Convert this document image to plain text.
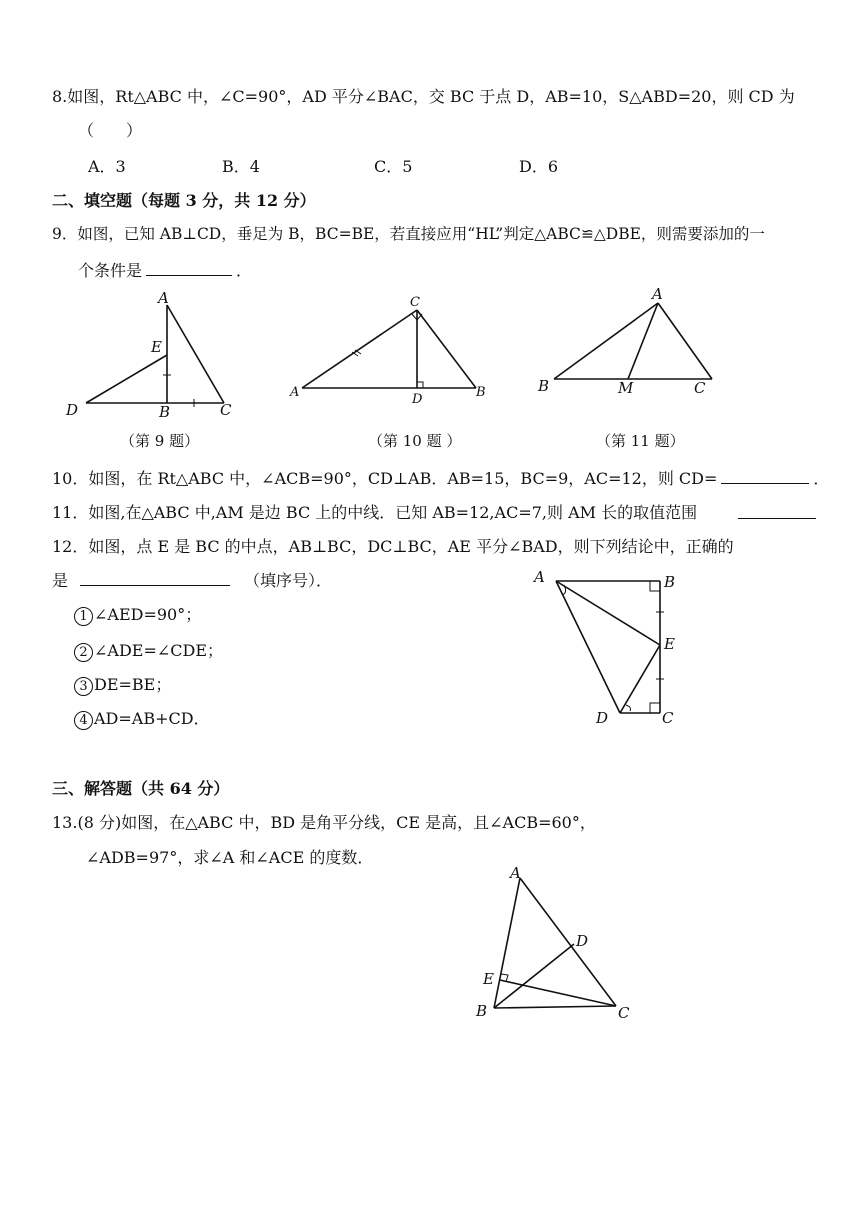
8.如图，Rt△ABC 中，∠C=90°，AD 平分∠BAC，交 BC 于点 D，AB=10，S△ABD=20，则 CD 为
（　　）
A．3	B．4	C．5	D．6
二、填空题（每题 3 分，共 12 分）
9．如图，已知 AB⊥CD，垂足为 B，BC=BE，若直接应用“HL”判定△ABC≌△DBE，则需要添加的一
个条件是	．
A
E
D	B	C
C
A	D	B
A
B	M	C
（第 9 题）	（第 10 题 ）	（第 11 题）
10．如图，在 Rt△ABC 中，∠ACB=90°，CD⊥AB．AB=15，BC=9，AC=12，则 CD=	．
11．如图,在△ABC 中,AM 是边 BC 上的中线．已知 AB=12,AC=7,则 AM 长的取值范围
12．如图，点 E 是 BC 的中点，AB⊥BC，DC⊥BC，AE 平分∠BAD，则下列结论中，正确的
是	（填序号）．
1 ∠AED=90°；
2 ∠ADE=∠CDE；
3 DE=BE；
4 AD=AB+CD．
A	B
E
D	C
三、解答题（共 64 分）
13.(8 分)如图，在△ABC 中，BD 是角平分线，CE 是高，且∠ACB=60°，
∠ADB=97°，求∠A 和∠ACE 的度数．
A
D
E
B	C
